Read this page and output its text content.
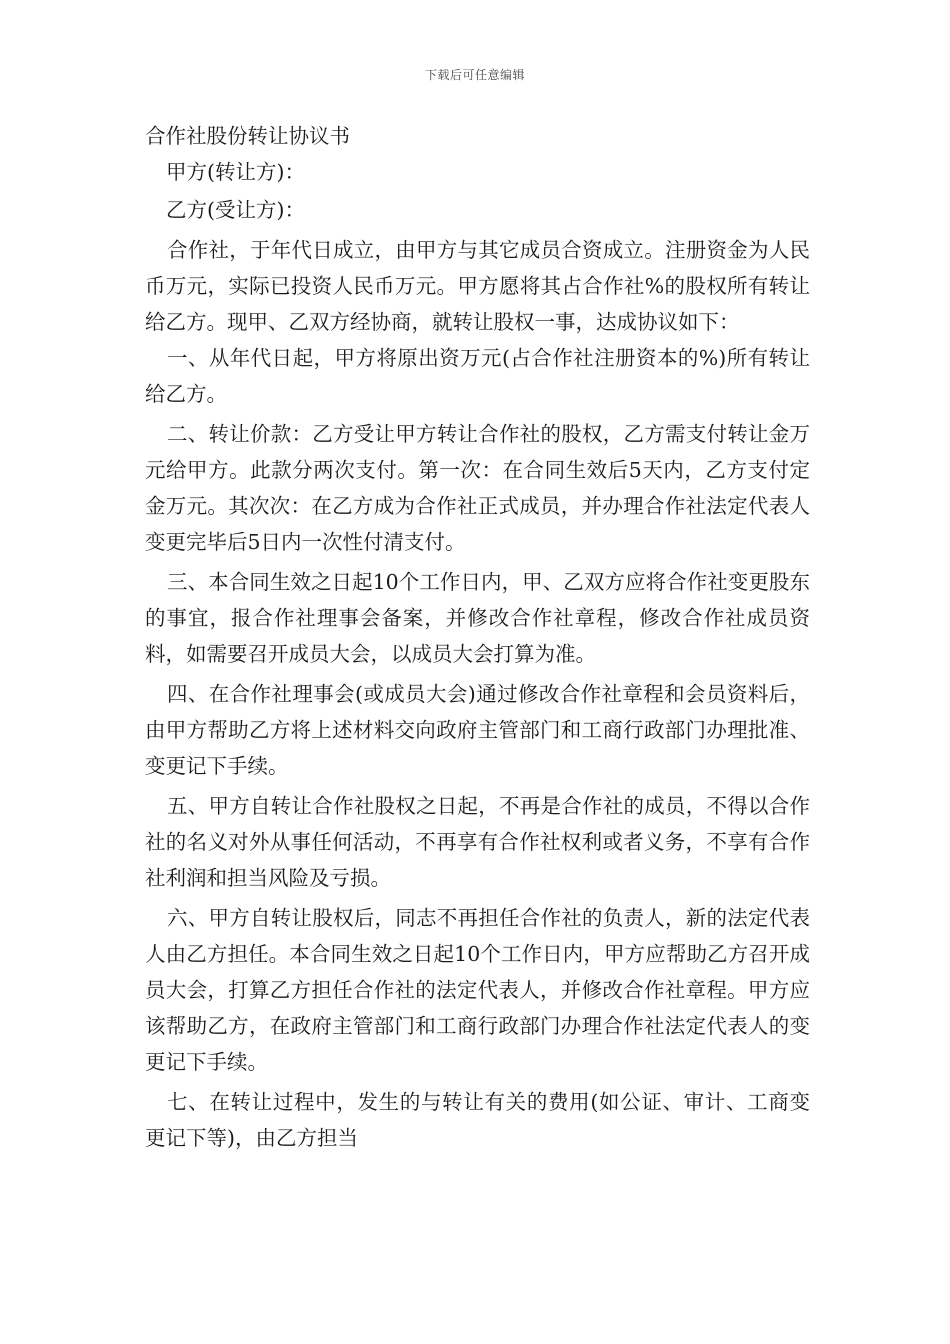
下载后可任意编辑
合作社股份转让协议书

甲方(转让方)：

乙方(受让方)：

合作社，于年代日成立，由甲方与其它成员合资成立。注册资金为人民币万元，实际已投资人民币万元。甲方愿将其占合作社%的股权所有转让给乙方。现甲、乙双方经协商，就转让股权一事，达成协议如下：

一、从年代日起，甲方将原出资万元(占合作社注册资本的%)所有转让给乙方。

二、转让价款：乙方受让甲方转让合作社的股权，乙方需支付转让金万元给甲方。此款分两次支付。第一次：在合同生效后5天内，乙方支付定金万元。其次次：在乙方成为合作社正式成员，并办理合作社法定代表人变更完毕后5日内一次性付清支付。

三、本合同生效之日起10个工作日内，甲、乙双方应将合作社变更股东的事宜，报合作社理事会备案，并修改合作社章程，修改合作社成员资料，如需要召开成员大会，以成员大会打算为准。

四、在合作社理事会(或成员大会)通过修改合作社章程和会员资料后，由甲方帮助乙方将上述材料交向政府主管部门和工商行政部门办理批准、变更记下手续。

五、甲方自转让合作社股权之日起，不再是合作社的成员，不得以合作社的名义对外从事任何活动，不再享有合作社权利或者义务，不享有合作社利润和担当风险及亏损。

六、甲方自转让股权后，同志不再担任合作社的负责人，新的法定代表人由乙方担任。本合同生效之日起10个工作日内，甲方应帮助乙方召开成员大会，打算乙方担任合作社的法定代表人，并修改合作社章程。甲方应该帮助乙方，在政府主管部门和工商行政部门办理合作社法定代表人的变更记下手续。

七、在转让过程中，发生的与转让有关的费用(如公证、审计、工商变更记下等)，由乙方担当
